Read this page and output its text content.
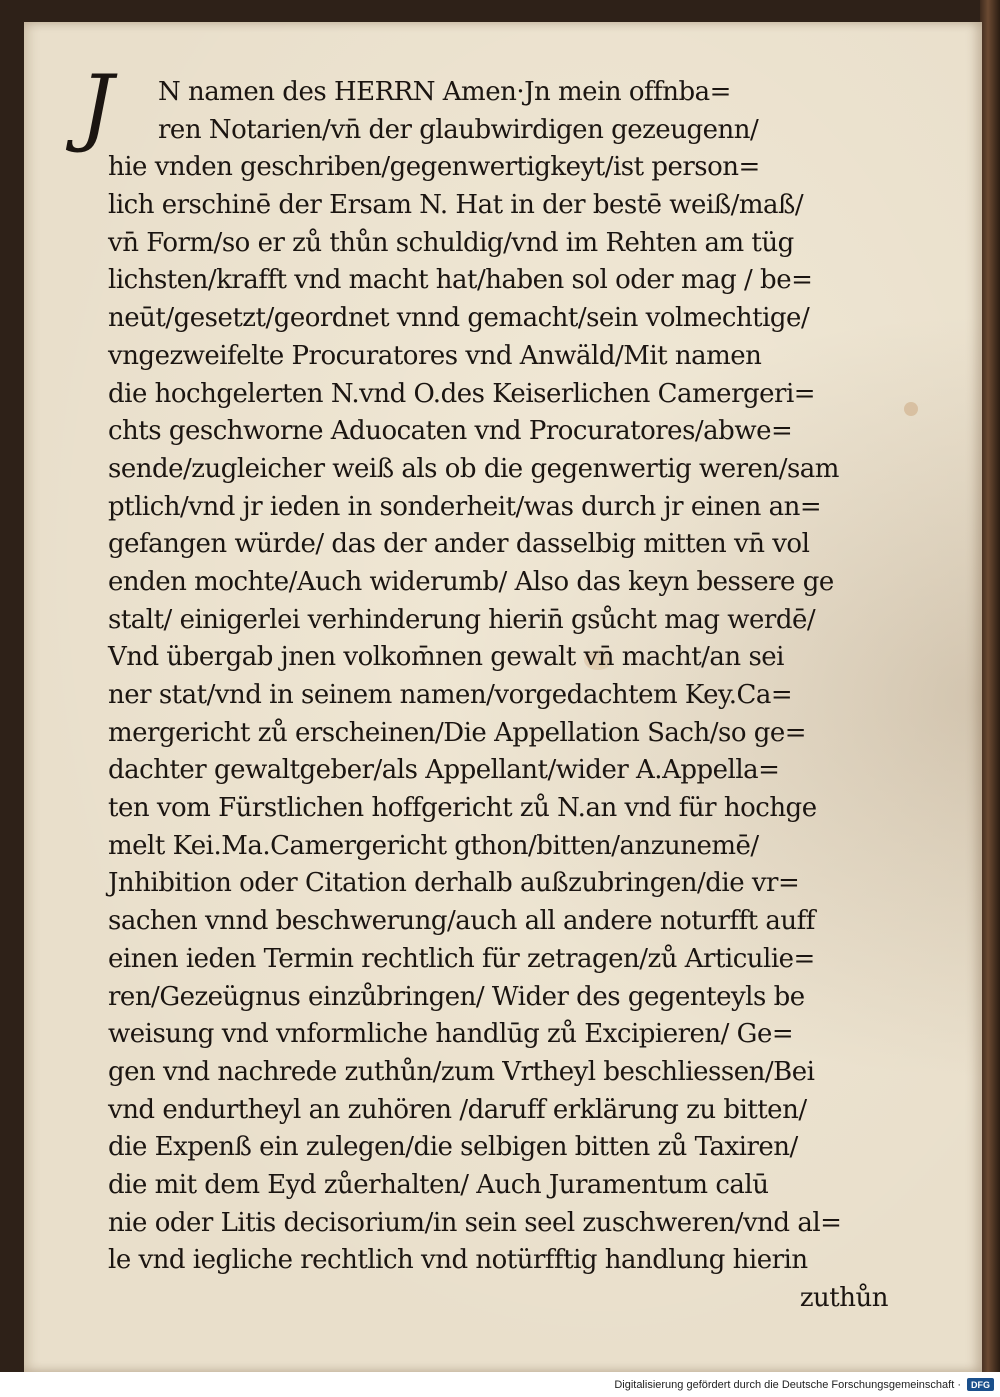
J	N namen des HERRN Amen·Jn mein offnba=
ren Notarien/vn̄ der glaubwirdigen gezeugenn/
hie vnden geschriben/gegenwertigkeyt/ist person=
lich erschinē der Ersam N. Hat in der bestē weiß/maß/
vn̄ Form/so er zů thůn schuldig/vnd im Rehten am tüg
lichsten/krafft vnd macht hat/haben sol oder mag / be=
neūt/gesetzt/geordnet vnnd gemacht/sein volmechtige/
vngezweifelte Procuratores vnd Anwäld/Mit namen
die hochgelerten N.vnd O.des Keiserlichen Camergeri=
chts geschworne Aduocaten vnd Procuratores/abwe=
sende/zugleicher weiß als ob die gegenwertig weren/sam
ptlich/vnd jr ieden in sonderheit/was durch jr einen an=
gefangen würde/ das der ander dasselbig mitten vn̄ vol
enden mochte/Auch widerumb/ Also das keyn bessere ge
stalt/ einigerlei verhinderung hierin̄ gsůcht mag werdē/
Vnd übergab jnen volkom̄nen gewalt vn̄ macht/an sei
ner stat/vnd in seinem namen/vorgedachtem Key.Ca=
mergericht zů erscheinen/Die Appellation Sach/so ge=
dachter gewaltgeber/als Appellant/wider A.Appella=
ten vom Fürstlichen hoffgericht zů N.an vnd für hochge
melt Kei.Ma.Camergericht gthon/bitten/anzunemē/
Jnhibition oder Citation derhalb außzubringen/die vr=
sachen vnnd beschwerung/auch all andere noturfft auff
einen ieden Termin rechtlich für zetragen/zů Articulie=
ren/Gezeügnus einzůbringen/ Wider des gegenteyls be
weisung vnd vnformliche handlūg zů Excipieren/ Ge=
gen vnd nachrede zuthůn/zum Vrtheyl beschliessen/Bei
vnd endurtheyl an zuhören /daruff erklärung zu bitten/
die Expenß ein zulegen/die selbigen bitten zů Taxiren/
die mit dem Eyd zůerhalten/ Auch Juramentum calū
nie oder Litis decisorium/in sein seel zuschweren/vnd al=
le vnd iegliche rechtlich vnd notürfftig handlung hierin
zuthůn
Digitalisierung gefördert durch die Deutsche Forschungsgemeinschaft ·	DFG
